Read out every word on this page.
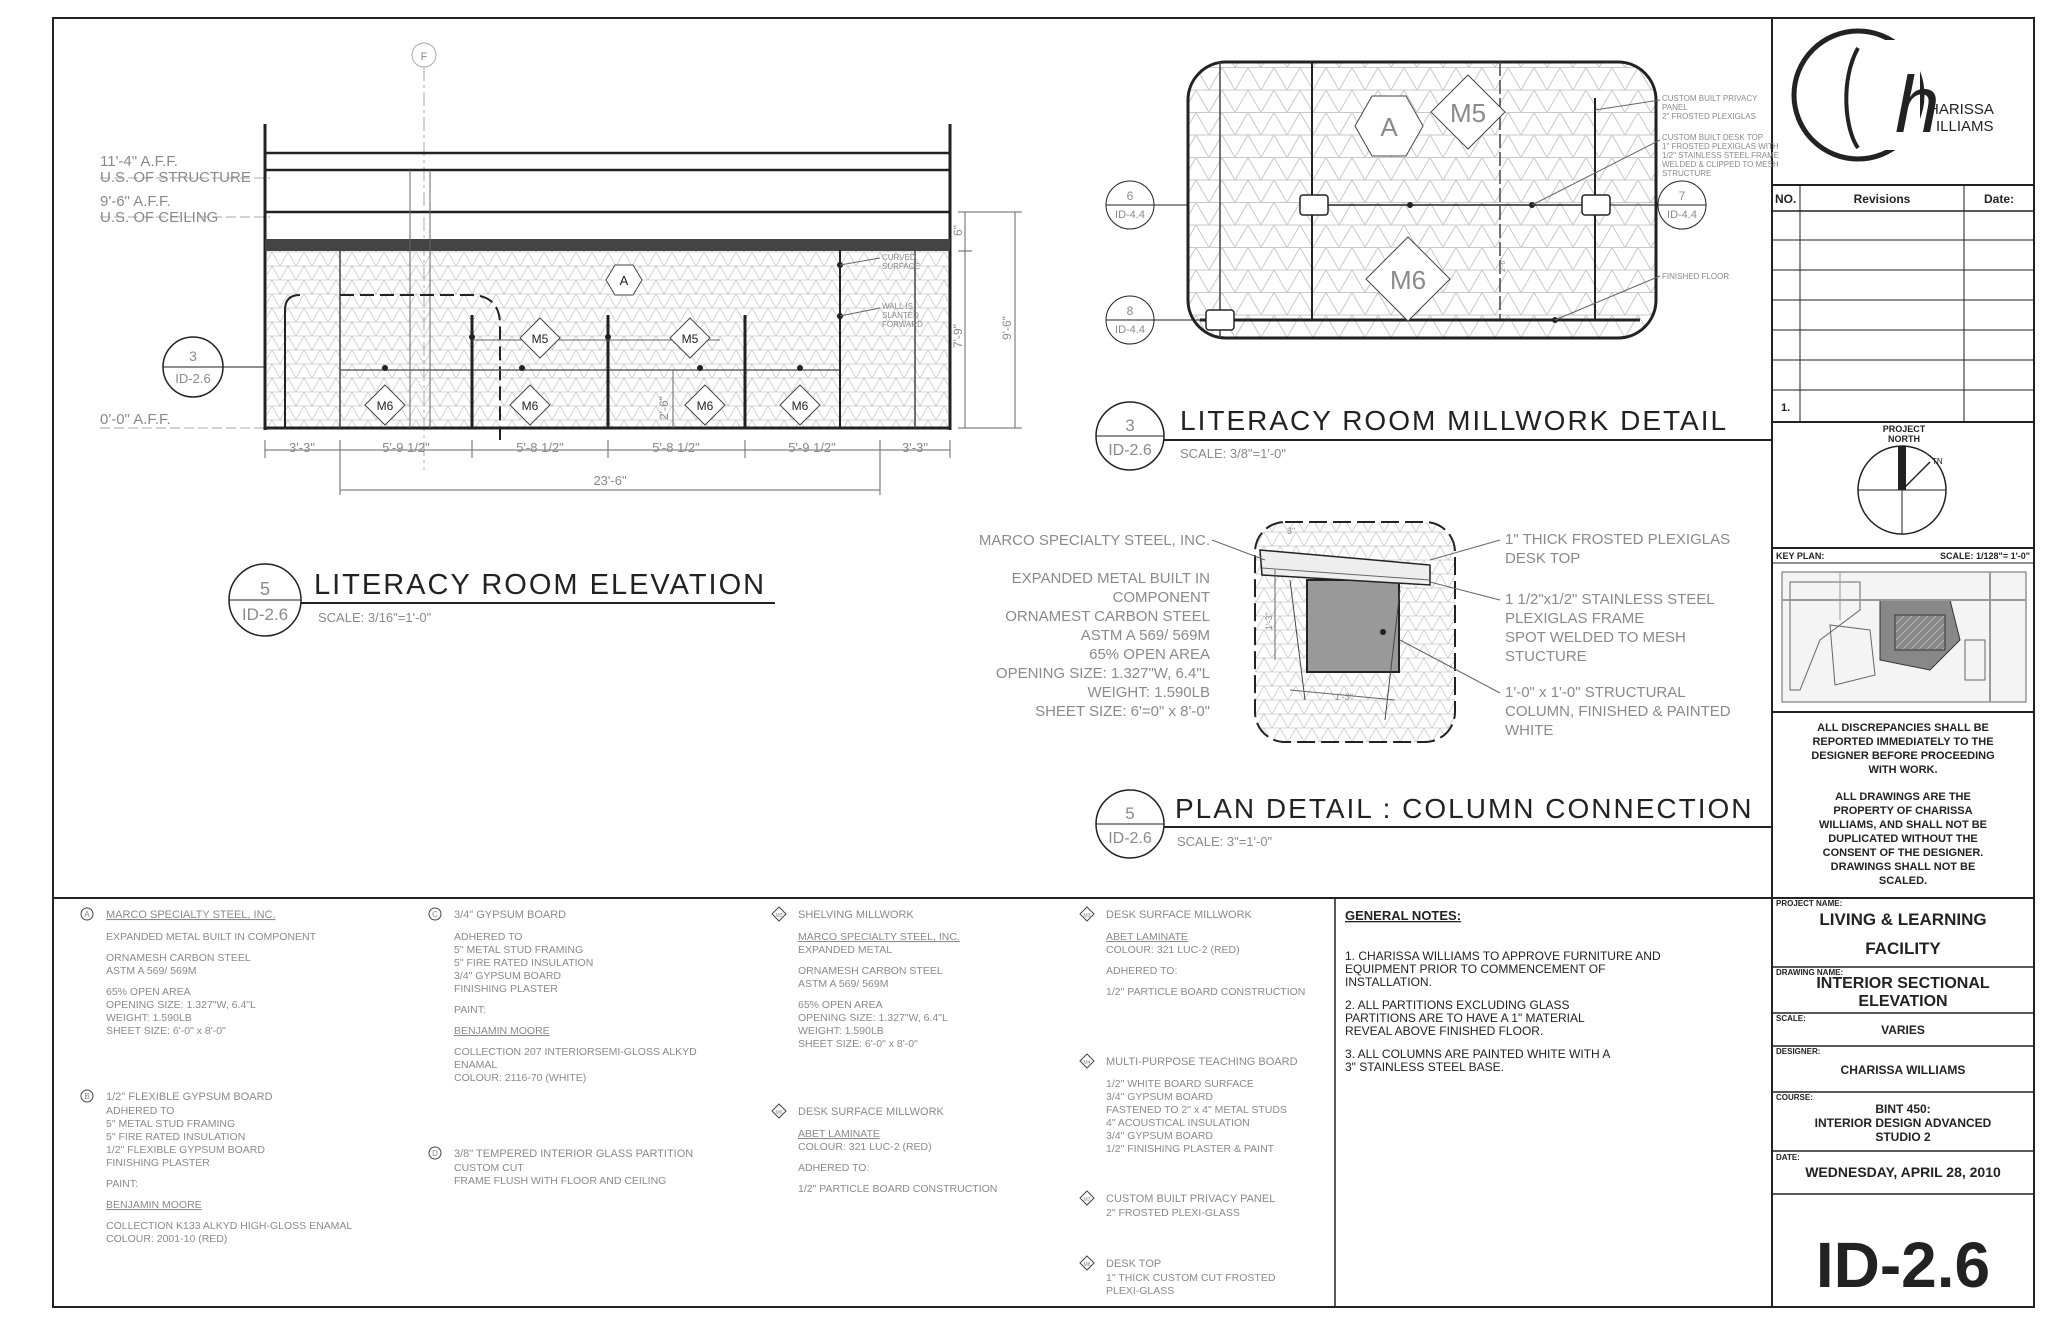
h
HARISSA
ILLIAMS
NO.	Revisions	Date:
1.
PROJECT
NORTH
TN
KEY PLAN:	SCALE: 1/128"= 1'-0"
ALL DISCREPANCIES SHALL BE
REPORTED IMMEDIATELY TO THE
DESIGNER BEFORE PROCEEDING
WITH WORK.
ALL DRAWINGS ARE THE
PROPERTY OF CHARISSA
WILLIAMS, AND SHALL NOT BE
DUPLICATED WITHOUT THE
CONSENT OF THE DESIGNER.
DRAWINGS SHALL NOT BE
SCALED.
PROJECT NAME:
LIVING & LEARNING
FACILITY
DRAWING NAME:
INTERIOR SECTIONAL
ELEVATION
SCALE:
VARIES
DESIGNER:
CHARISSA WILLIAMS
COURSE:
BINT 450:
INTERIOR DESIGN ADVANCED
STUDIO 2
DATE:
WEDNESDAY, APRIL 28, 2010
ID-2.6
F
11'-4" A.F.F.
U.S. OF STRUCTURE
9'-6" A.F.F.
U.S. OF CEILING
0'-0" A.F.F.
A
M5	M5
M6	M6	M6	M6
CURVED
SURFACE
WALL IS
SLANTED
FORWARD
3
ID-2.6
6"
7'-9"	9'-6"
2'-6"
3'-3"	5'-9 1/2"	5'-8 1/2"	5'-8 1/2"	5'-9 1/2"	3'-3"
23'-6"
5
ID-2.6
LITERACY ROOM ELEVATION
SCALE: 3/16"=1'-0"
A M5
M6	2'-6"
6
ID-4.4
8
ID-4.4
7
ID-4.4
CUSTOM BUILT PRIVACY
PANEL
2" FROSTED PLEXIGLAS
CUSTOM BUILT DESK TOP
1" FROSTED PLEXIGLAS WITH
1/2" STAINLESS STEEL FRAME
WELDED & CLIPPED TO MESH
STRUCTURE
FINISHED FLOOR
3
ID-2.6
LITERACY ROOM MILLWORK DETAIL
SCALE: 3/8"=1'-0"
1'-3"
1'-3"
3"
MARCO SPECIALTY STEEL, INC.
EXPANDED METAL BUILT IN
COMPONENT
ORNAMEST CARBON STEEL
ASTM A 569/ 569M
65% OPEN AREA
OPENING SIZE: 1.327"W, 6.4"L
WEIGHT: 1.590LB
SHEET SIZE: 6'=0" x 8'-0"
1" THICK FROSTED PLEXIGLAS
DESK TOP
1 1/2"x1/2" STAINLESS STEEL
PLEXIGLAS FRAME
SPOT WELDED TO MESH
STUCTURE
1'-0" x 1'-0" STRUCTURAL
COLUMN, FINISHED & PAINTED
WHITE
5
ID-2.6
PLAN DETAIL : COLUMN CONNECTION
SCALE: 3"=1'-0"
A MARCO SPECIALTY STEEL, INC.
EXPANDED METAL BUILT IN COMPONENT
ORNAMESH CARBON STEEL
ASTM A 569/ 569M
65% OPEN AREA
OPENING SIZE: 1.327"W, 6.4"L
WEIGHT: 1.590LB
SHEET SIZE: 6'-0" x 8'-0"
B 1/2" FLEXIBLE GYPSUM BOARD
ADHERED TO
5" METAL STUD FRAMING
5" FIRE RATED INSULATION
1/2" FLEXIBLE GYPSUM BOARD
FINISHING PLASTER
PAINT:
BENJAMIN MOORE
COLLECTION K133 ALKYD HIGH-GLOSS ENAMAL
COLOUR: 2001-10 (RED)
C 3/4" GYPSUM BOARD
ADHERED TO
5" METAL STUD FRAMING
5" FIRE RATED INSULATION
3/4" GYPSUM BOARD
FINISHING PLASTER
PAINT:
BENJAMIN MOORE
COLLECTION 207 INTERIORSEMI-GLOSS ALKYD
ENAMAL
COLOUR: 2116-70 (WHITE)
D 3/8" TEMPERED INTERIOR GLASS PARTITION
CUSTOM CUT
FRAME FLUSH WITH FLOOR AND CEILING
M5 SHELVING MILLWORK
MARCO SPECIALTY STEEL, INC.
EXPANDED METAL
ORNAMESH CARBON STEEL
ASTM A 569/ 569M
65% OPEN AREA
OPENING SIZE: 1.327"W, 6.4"L
WEIGHT: 1.590LB
SHEET SIZE: 6'-0" x 8'-0"
M6 DESK SURFACE MILLWORK
ABET LAMINATE
COLOUR: 321 LUC-2 (RED)
ADHERED TO:
1/2" PARTICLE BOARD CONSTRUCTION
M3 DESK SURFACE MILLWORK
ABET LAMINATE
COLOUR: 321 LUC-2 (RED)
ADHERED TO:
1/2" PARTICLE BOARD CONSTRUCTION
M4 MULTI-PURPOSE TEACHING BOARD
1/2" WHITE BOARD SURFACE
3/4" GYPSUM BOARD
FASTENED TO 2" x 4" METAL STUDS
4" ACOUSTICAL INSULATION
3/4" GYPSUM BOARD
1/2" FINISHING PLASTER & PAINT
M7 CUSTOM BUILT PRIVACY PANEL
2" FROSTED PLEXI-GLASS
M8 DESK TOP
1" THICK CUSTOM CUT FROSTED
PLEXI-GLASS
GENERAL NOTES:
1. CHARISSA WILLIAMS TO APPROVE FURNITURE AND
EQUIPMENT PRIOR TO COMMENCEMENT OF
INSTALLATION.
2. ALL PARTITIONS EXCLUDING GLASS
PARTITIONS ARE TO HAVE A 1" MATERIAL
REVEAL ABOVE FINISHED FLOOR.
3. ALL COLUMNS ARE PAINTED WHITE WITH A
3" STAINLESS STEEL BASE.
